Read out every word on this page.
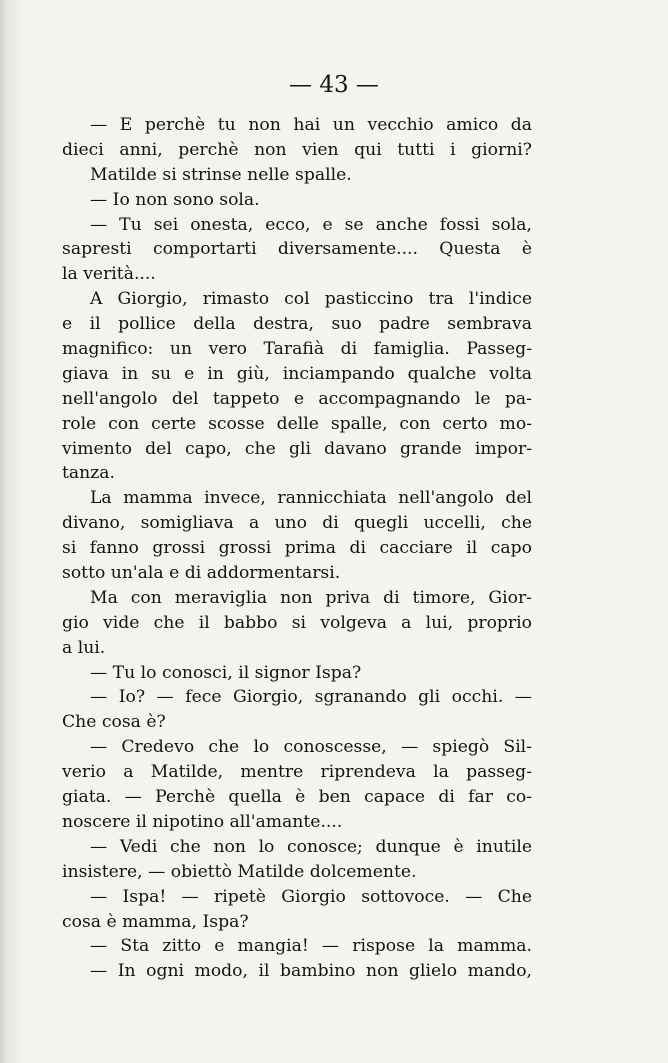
— 43 —
— E perchè tu non hai un vecchio amico da
dieci anni, perchè non vien qui tutti i giorni?
Matilde si strinse nelle spalle.
— Io non sono sola.
— Tu sei onesta, ecco, e se anche fossi sola,
sapresti comportarti diversamente.... Questa è
la verità....
A Giorgio, rimasto col pasticcino tra l'indice
e il pollice della destra, suo padre sembrava
magnifico: un vero Tarafià di famiglia. Passeg-
giava in su e in giù, inciampando qualche volta
nell'angolo del tappeto e accompagnando le pa-
role con certe scosse delle spalle, con certo mo-
vimento del capo, che gli davano grande impor-
tanza.
La mamma invece, rannicchiata nell'angolo del
divano, somigliava a uno di quegli uccelli, che
si fanno grossi grossi prima di cacciare il capo
sotto un'ala e di addormentarsi.
Ma con meraviglia non priva di timore, Gior-
gio vide che il babbo si volgeva a lui, proprio
a lui.
— Tu lo conosci, il signor Ispa?
— Io? — fece Giorgio, sgranando gli occhi. —
Che cosa è?
— Credevo che lo conoscesse, — spiegò Sil-
verio a Matilde, mentre riprendeva la passeg-
giata. — Perchè quella è ben capace di far co-
noscere il nipotino all'amante....
— Vedi che non lo conosce; dunque è inutile
insistere, — obiettò Matilde dolcemente.
— Ispa! — ripetè Giorgio sottovoce. — Che
cosa è mamma, Ispa?
— Sta zitto e mangia! — rispose la mamma.
— In ogni modo, il bambino non glielo mando,
